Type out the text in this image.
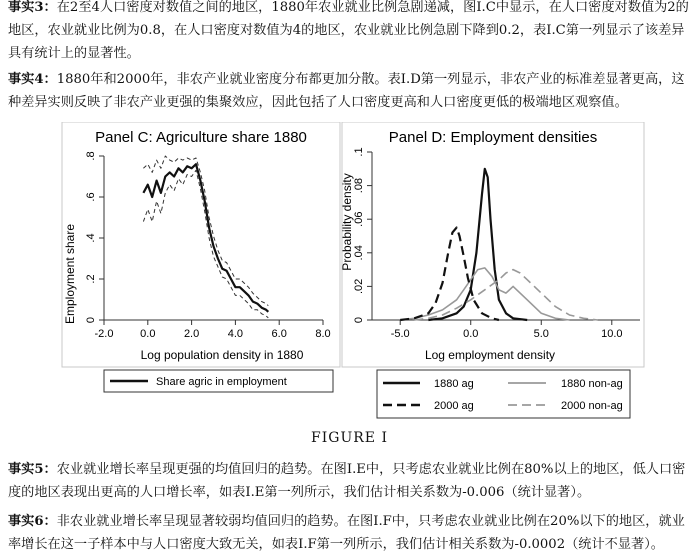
事实3：在2至4人口密度对数值之间的地区，1880年农业就业比例急剧递减，图I.C中显示，在人口密度对数值为2的地区，农业就业比例为0.8，在人口密度对数值为4的地区，农业就业比例急剧下降到0.2，表I.C第一列显示了该差异具有统计上的显著性。
事实4：1880年和2000年，非农产业就业密度分布都更加分散。表I.D第一列显示，非农产业的标准差显著更高，这种差异实则反映了非农产业更强的集聚效应，因此包括了人口密度更高和人口密度更低的极端地区观察值。
Panel C: Agriculture share 1880
Employment share
Log population density in 1880
-2.0 0.0	2.0	4.0	6.0	8.0
0
.2
.4
.6
.8
Share agric in employment
Panel D: Employment densities
Probability density
Log employment density
-5.0	0.0	5.0	10.0
0
.02
.04
.06
.08
.1
1880 ag	1880 non-ag
2000 ag	2000 non-ag
FIGURE I
事实5：农业就业增长率呈现更强的均值回归的趋势。在图I.E中，只考虑农业就业比例在80%以上的地区，低人口密度的地区表现出更高的人口增长率，如表I.E第一列所示，我们估计相关系数为-0.006（统计显著）。
事实6：非农业就业增长率呈现显著较弱均值回归的趋势。在图I.F中，只考虑农业就业比例在20%以下的地区，就业率增长在这一子样本中与人口密度大致无关，如表I.F第一列所示，我们估计相关系数为-0.0002（统计不显著）。
